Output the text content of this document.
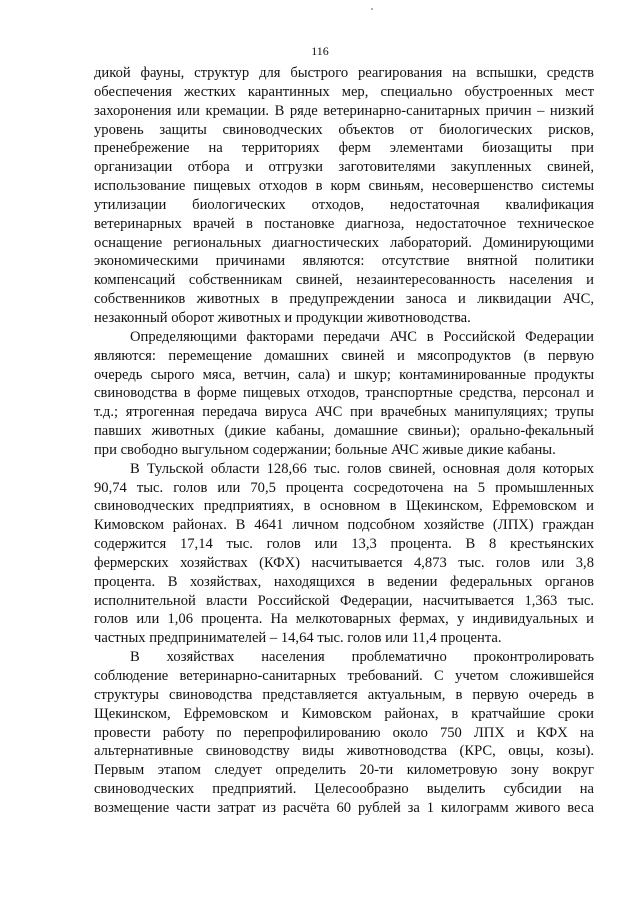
116

дикой фауны, структур для быстрого реагирования на вспышки, средств
обеспечения жестких карантинных мер, специально обустроенных мест
захоронения или кремации. В ряде ветеринарно-санитарных причин – низкий
уровень защиты свиноводческих объектов от биологических рисков,
пренебрежение на территориях ферм элементами биозащиты при
организации отбора и отгрузки заготовителями закупленных свиней,
использование пищевых отходов в корм свиньям, несовершенство системы
утилизации биологических отходов, недостаточная квалификация
ветеринарных врачей в постановке диагноза, недостаточное техническое
оснащение региональных диагностических лабораторий. Доминирующими
экономическими причинами являются: отсутствие внятной политики
компенсаций собственникам свиней, незаинтересованность населения и
собственников животных в предупреждении заноса и ликвидации АЧС,
незаконный оборот животных и продукции животноводства.

Определяющими факторами передачи АЧС в Российской Федерации
являются: перемещение домашних свиней и мясопродуктов (в первую
очередь сырого мяса, ветчин, сала) и шкур; контаминированные продукты
свиноводства в форме пищевых отходов, транспортные средства, персонал и
т.д.; ятрогенная передача вируса АЧС при врачебных манипуляциях; трупы
павших животных (дикие кабаны, домашние свиньи); орально-фекальный
при свободно выгульном содержании; больные АЧС живые дикие кабаны.

В Тульской области 128,66 тыс. голов свиней, основная доля которых
90,74 тыс. голов или 70,5 процента сосредоточена на 5 промышленных
свиноводческих предприятиях, в основном в Щекинском, Ефремовском и
Кимовском районах. В 4641 личном подсобном хозяйстве (ЛПХ) граждан
содержится 17,14 тыс. голов или 13,3 процента. В 8 крестьянских
фермерских хозяйствах (КФХ) насчитывается 4,873 тыс. голов или 3,8
процента. В хозяйствах, находящихся в ведении федеральных органов
исполнительной власти Российской Федерации, насчитывается 1,363 тыс.
голов или 1,06 процента. На мелкотоварных фермах, у индивидуальных и
частных предпринимателей – 14,64 тыс. голов или 11,4 процента.

В хозяйствах населения проблематично проконтролировать
соблюдение ветеринарно-санитарных требований. С учетом сложившейся
структуры свиноводства представляется актуальным, в первую очередь в
Щекинском, Ефремовском и Кимовском районах, в кратчайшие сроки
провести работу по перепрофилированию около 750 ЛПХ и КФХ на
альтернативные свиноводству виды животноводства (КРС, овцы, козы).
Первым этапом следует определить 20-ти километровую зону вокруг
свиноводческих предприятий. Целесообразно выделить субсидии на
возмещение части затрат из расчёта 60 рублей за 1 килограмм живого веса
